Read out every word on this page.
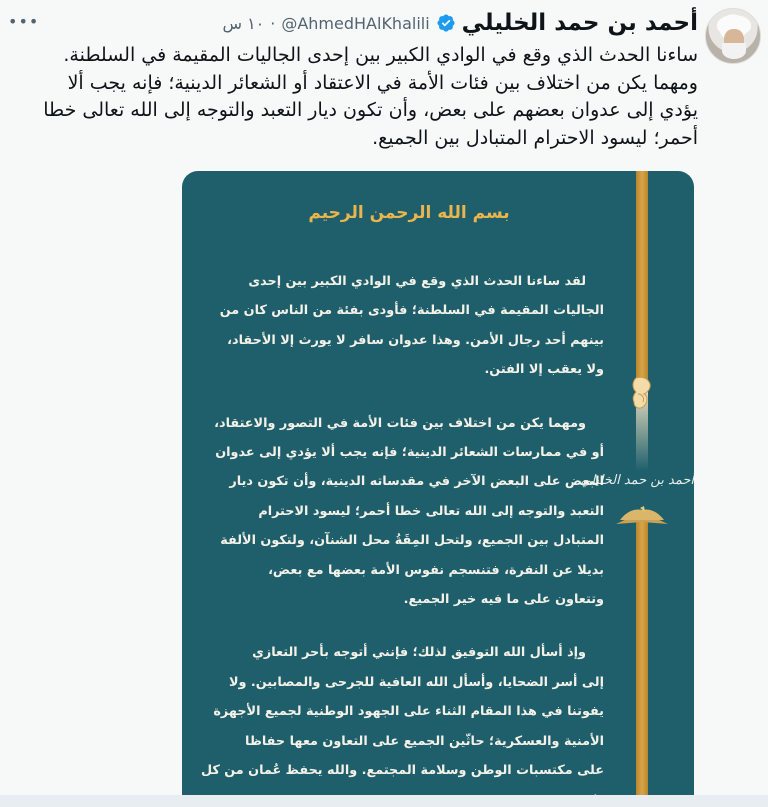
أحمد بن حمد الخليلي
@AhmedHAlKhalili
·
١٠ س
•••

ساءنا الحدث الذي وقع في الوادي الكبير بين إحدى الجاليات المقيمة في السلطنة.

ومهما يكن من اختلاف بين فئات الأمة في الاعتقاد أو الشعائر الدينية؛ فإنه يجب ألا

يؤدي إلى عدوان بعضهم على بعض، وأن تكون ديار التعبد والتوجه إلى الله تعالى خطا

أحمر؛ ليسود الاحترام المتبادل بين الجميع.

أحمد بن حمد الخليلي
بسم الله الرحمن الرحيم

لقد ساءنا الحدث الذي وقع في الوادي الكبير بين إحدى

الجاليات المقيمة في السلطنة؛ فأودى بفئة من الناس كان من

بينهم أحد رجال الأمن. وهذا عدوان سافر لا يورث إلا الأحقاد،

ولا يعقب إلا الفتن.

ومهما يكن من اختلاف بين فئات الأمة في التصور والاعتقاد،

أو في ممارسات الشعائر الدينية؛ فإنه يجب ألا يؤدي إلى عدوان

البعض على البعض الآخر في مقدساته الدينية، وأن تكون ديار

التعبد والتوجه إلى الله تعالى خطا أحمر؛ ليسود الاحترام

المتبادل بين الجميع، ولتحل المِقَةُ محل الشنآن، ولتكون الألفة

بديلا عن النفرة، فتنسجم نفوس الأمة بعضها مع بعض،

وتتعاون على ما فيه خير الجميع.

وإذ أسأل الله التوفيق لذلك؛ فإنني أتوجه بأحر التعازي

إلى أسر الضحايا، وأسأل الله العافية للجرحى والمصابين. ولا

يفوتنا في هذا المقام الثناء على الجهود الوطنية لجميع الأجهزة

الأمنية والعسكرية؛ حاثّين الجميع على التعاون معها حفاظا

على مكتسبات الوطن وسلامة المجتمع. والله يحفظ عُمان من كل
